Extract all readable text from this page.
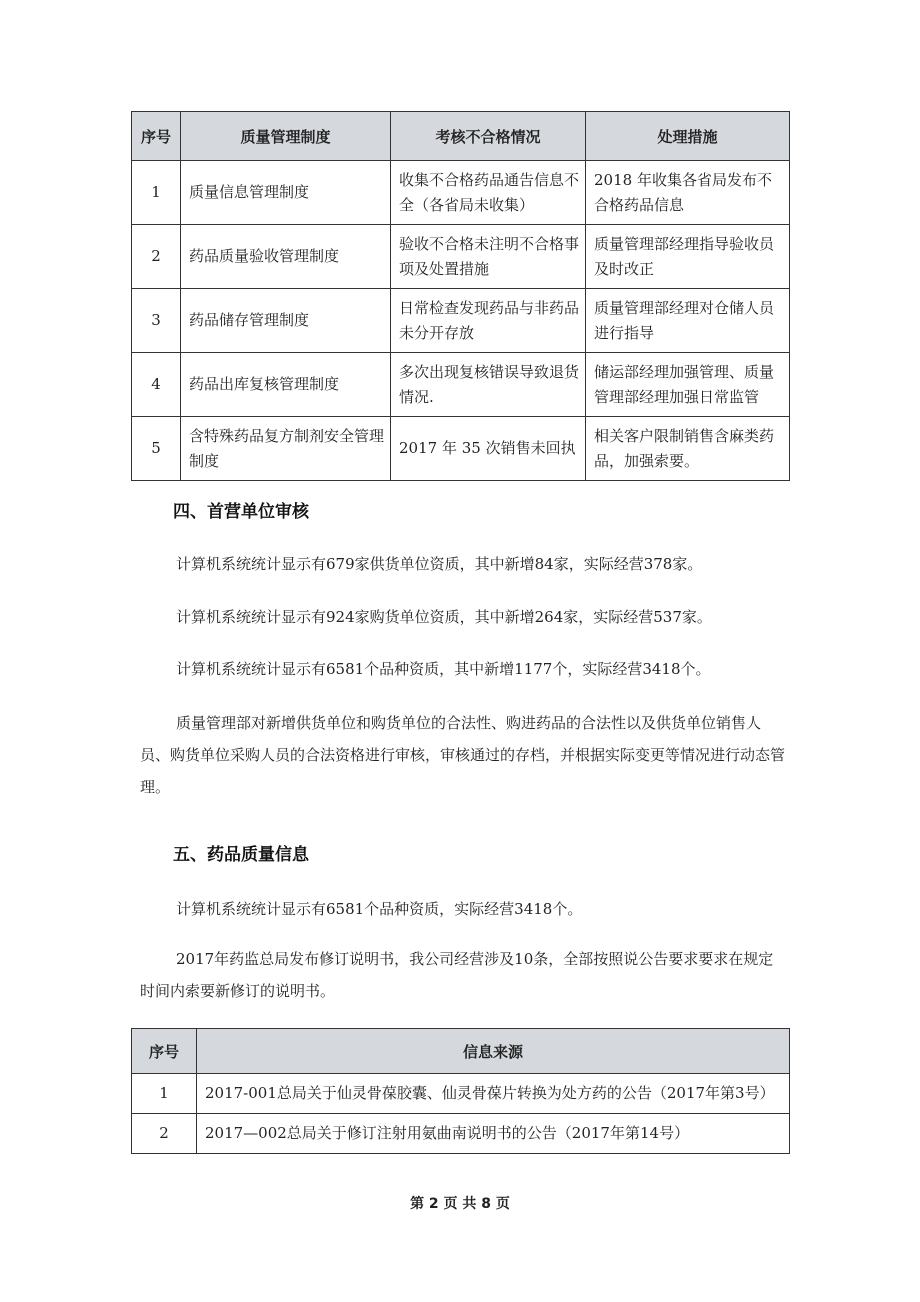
序号	质量管理制度	考核不合格情况	处理措施
1	质量信息管理制度	收集不合格药品通告信息不全（各省局未收集）	2018 年收集各省局发布不合格药品信息
2	药品质量验收管理制度	验收不合格未注明不合格事项及处置措施	质量管理部经理指导验收员及时改正
3	药品储存管理制度	日常检查发现药品与非药品未分开存放	质量管理部经理对仓储人员进行指导
4	药品出库复核管理制度	多次出现复核错误导致退货情况.	储运部经理加强管理、质量管理部经理加强日常监管
5	含特殊药品复方制剂安全管理制度	2017 年 35 次销售未回执	相关客户限制销售含麻类药品，加强索要。
四、首营单位审核
计算机系统统计显示有679家供货单位资质，其中新增84家，实际经营378家。
计算机系统统计显示有924家购货单位资质，其中新增264家，实际经营537家。
计算机系统统计显示有6581个品种资质，其中新增1177个，实际经营3418个。
质量管理部对新增供货单位和购货单位的合法性、购进药品的合法性以及供货单位销售人员、购货单位采购人员的合法资格进行审核，审核通过的存档，并根据实际变更等情况进行动态管理。
五、药品质量信息
计算机系统统计显示有6581个品种资质，实际经营3418个。
2017年药监总局发布修订说明书，我公司经营涉及10条，全部按照说公告要求要求在规定时间内索要新修订的说明书。
序号	信息来源
1	2017-001总局关于仙灵骨葆胶囊、仙灵骨葆片转换为处方药的公告（2017年第3号）
2	2017—002总局关于修订注射用氨曲南说明书的公告（2017年第14号）
第 2 页 共 8 页
